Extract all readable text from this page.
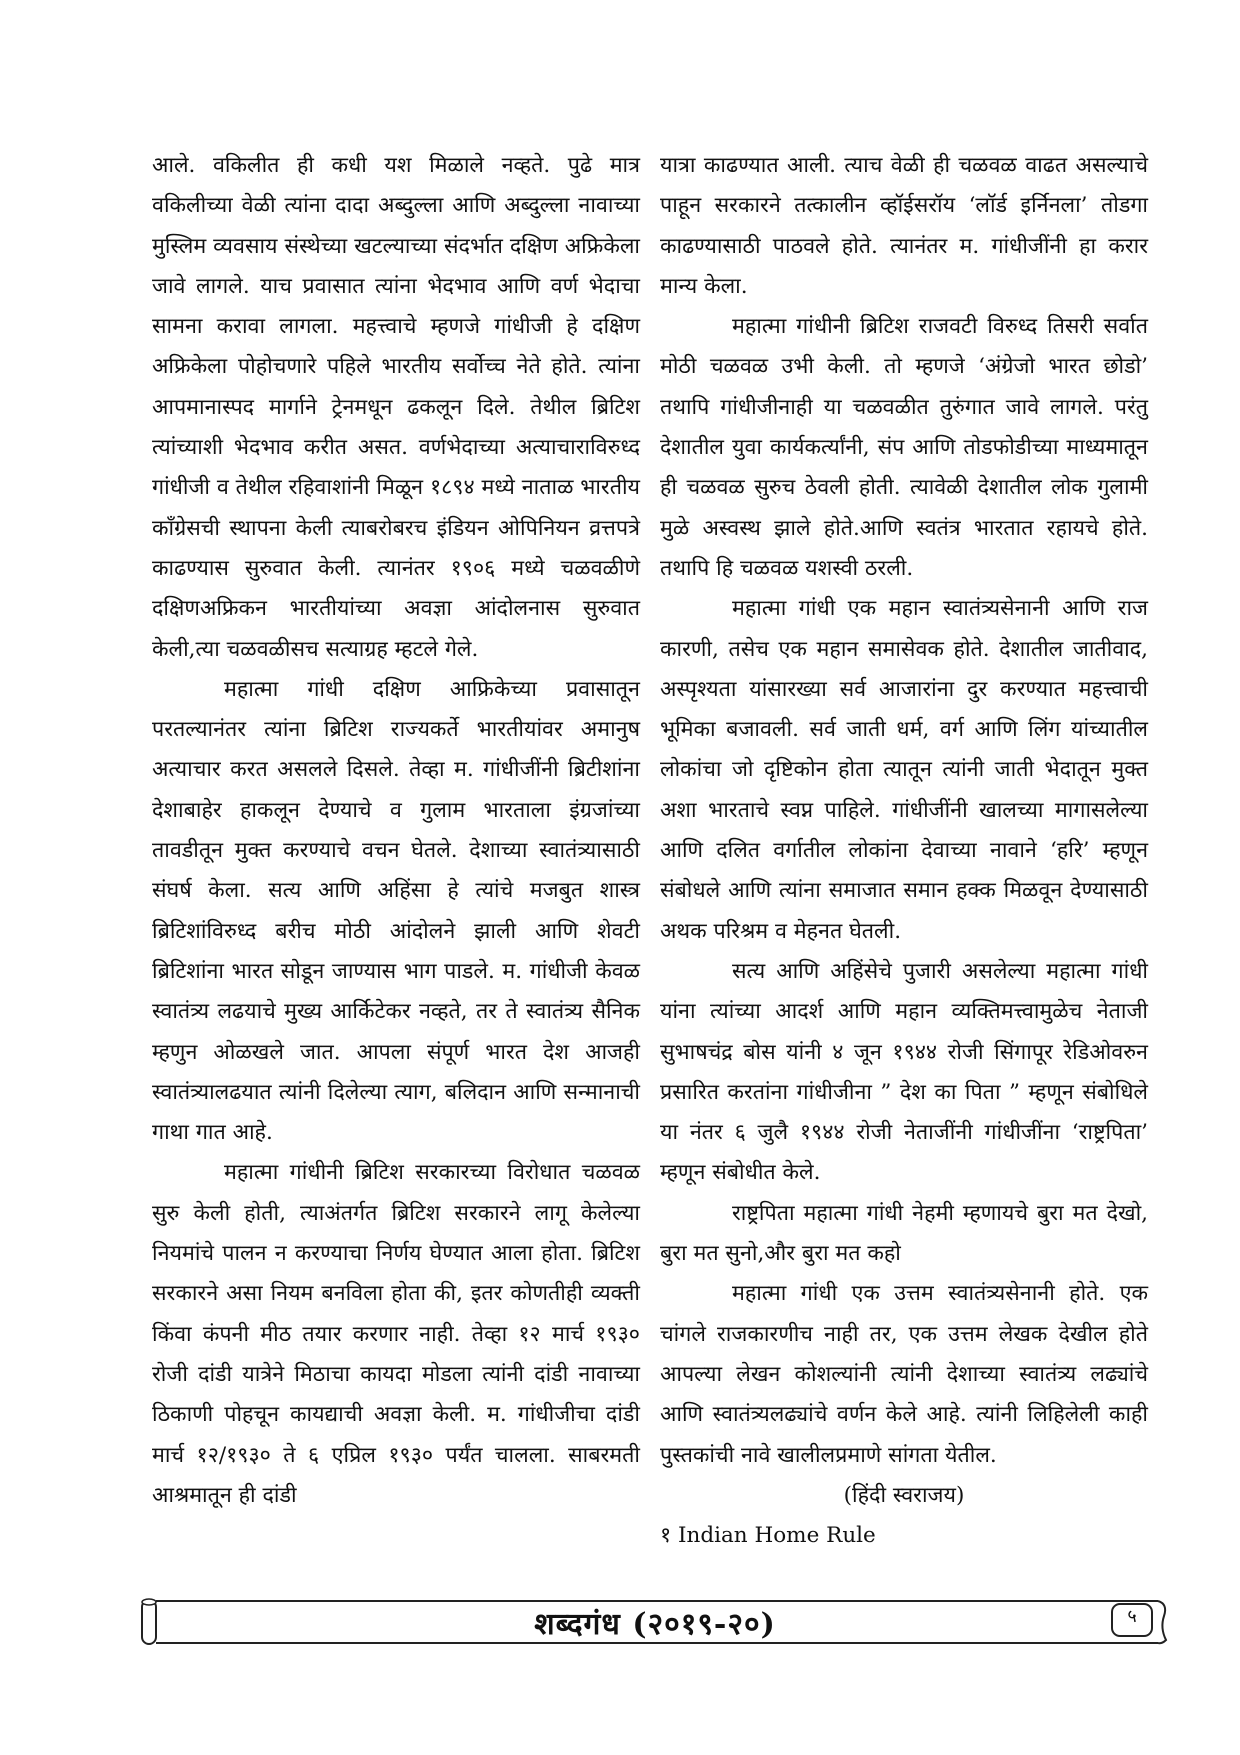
आले. वकिलीत ही कधी यश मिळाले नव्हते. पुढे मात्र वकिलीच्या वेळी त्यांना दादा अब्दुल्ला आणि अब्दुल्ला नावाच्या मुस्लिम व्यवसाय संस्थेच्या खटल्याच्या संदर्भात दक्षिण अफ्रिकेला जावे लागले. याच प्रवासात त्यांना भेदभाव आणि वर्ण भेदाचा सामना करावा लागला. महत्त्वाचे म्हणजे गांधीजी हे दक्षिण अफ्रिकेला पोहोचणारे पहिले भारतीय सर्वोच्च नेते होते. त्यांना आपमानास्पद मार्गाने ट्रेनमधून ढकलून दिले. तेथील ब्रिटिश त्यांच्याशी भेदभाव करीत असत. वर्णभेदाच्या अत्याचाराविरुध्द गांधीजी व तेथील रहिवाशांनी मिळून १८९४ मध्ये नाताळ भारतीय कॉंग्रेसची स्थापना केली त्याबरोबरच इंडियन ओपिनियन व्रत्तपत्रे काढण्यास सुरुवात केली. त्यानंतर १९०६ मध्ये चळवळीणे दक्षिणअफ्रिकन भारतीयांच्या अवज्ञा आंदोलनास सुरुवात केली,त्या चळवळीसच सत्याग्रह म्हटले गेले.

महात्मा गांधी दक्षिण आफ्रिकेच्या प्रवासातून परतल्यानंतर त्यांना ब्रिटिश राज्यकर्ते भारतीयांवर अमानुष अत्याचार करत असलले दिसले. तेव्हा म. गांधीजींनी ब्रिटीशांना देशाबाहेर हाकलून देण्याचे व गुलाम भारताला इंग्रजांच्या तावडीतून मुक्त करण्याचे वचन घेतले. देशाच्या स्वातंत्र्यासाठी संघर्ष केला. सत्य आणि अहिंसा हे त्यांचे मजबुत शास्त्र ब्रिटिशांविरुध्द बरीच मोठी आंदोलने झाली आणि शेवटी ब्रिटिशांना भारत सोडून जाण्यास भाग पाडले. म. गांधीजी केवळ स्वातंत्र्य लढयाचे मुख्य आर्किटेकर नव्हते, तर ते स्वातंत्र्य सैनिक म्हणुन ओळखले जात. आपला संपूर्ण भारत देश आजही स्वातंत्र्यालढयात त्यांनी दिलेल्या त्याग, बलिदान आणि सन्मानाची गाथा गात आहे.

महात्मा गांधीनी ब्रिटिश सरकारच्या विरोधात चळवळ सुरु केली होती, त्याअंतर्गत ब्रिटिश सरकारने लागू केलेल्या नियमांचे पालन न करण्याचा निर्णय घेण्यात आला होता. ब्रिटिश सरकारने असा नियम बनविला होता की, इतर कोणतीही व्यक्ती किंवा कंपनी मीठ तयार करणार नाही. तेव्हा १२ मार्च १९३० रोजी दांडी यात्रेने मिठाचा कायदा मोडला त्यांनी दांडी नावाच्या ठिकाणी पोहचून कायद्याची अवज्ञा केली. म. गांधीजीचा दांडी मार्च १२/१९३० ते ६ एप्रिल १९३० पर्यंत चालला. साबरमती आश्रमातून ही दांडी

यात्रा काढण्यात आली. त्याच वेळी ही चळवळ वाढत असल्याचे पाहून सरकारने तत्कालीन व्हॉईसरॉय ‘लॉर्ड इर्निनला’ तोडगा काढण्यासाठी पाठवले होते. त्यानंतर म. गांधीजींनी हा करार मान्य केला.

महात्मा गांधीनी ब्रिटिश राजवटी विरुध्द तिसरी सर्वात मोठी चळवळ उभी केली. तो म्हणजे ‘अंग्रेजो भारत छोडो’ तथापि गांधीजीनाही या चळवळीत तुरुंगात जावे लागले. परंतु देशातील युवा कार्यकर्त्यांनी, संप आणि तोडफोडीच्या माध्यमातून ही चळवळ सुरुच ठेवली होती. त्यावेळी देशातील लोक गुलामी मुळे अस्वस्थ झाले होते.आणि स्वतंत्र भारतात रहायचे होते. तथापि हि चळवळ यशस्वी ठरली.

महात्मा गांधी एक महान स्वातंत्र्यसेनानी आणि राज कारणी, तसेच एक महान समासेवक होते. देशातील जातीवाद, अस्पृश्यता यांसारख्या सर्व आजारांना दुर करण्यात महत्त्वाची भूमिका बजावली. सर्व जाती धर्म, वर्ग आणि लिंग यांच्यातील लोकांचा जो दृष्टिकोन होता त्यातून त्यांनी जाती भेदातून मुक्त अशा भारताचे स्वप्न पाहिले. गांधीजींनी खालच्या मागासलेल्या आणि दलित वर्गातील लोकांना देवाच्या नावाने ‘हरि’ म्हणून संबोधले आणि त्यांना समाजात समान हक्क मिळवून देण्यासाठी अथक परिश्रम व मेहनत घेतली.

सत्य आणि अहिंसेचे पुजारी असलेल्या महात्मा गांधी यांना त्यांच्या आदर्श आणि महान व्यक्तिमत्त्वामुळेच नेताजी सुभाषचंद्र बोस यांनी ४ जून १९४४ रोजी सिंगापूर रेडिओवरुन प्रसारित करतांना गांधीजीना ” देश का पिता ” म्हणून संबोधिले या नंतर ६ जुलै १९४४ रोजी नेताजींनी गांधीजींना ‘राष्ट्रपिता’ म्हणून संबोधीत केले.

राष्ट्रपिता महात्मा गांधी नेहमी म्हणायचे बुरा मत देखो, बुरा मत सुनो,और बुरा मत कहो

महात्मा गांधी एक उत्तम स्वातंत्र्यसेनानी होते. एक चांगले राजकारणीच नाही तर, एक उत्तम लेखक देखील होते आपल्या लेखन कोशल्यांनी त्यांनी देशाच्या स्वातंत्र्य लढ्यांचे आणि स्वातंत्र्यलढ्यांचे वर्णन केले आहे. त्यांनी लिहिलेली काही पुस्तकांची नावे खालीलप्रमाणे सांगता येतील.

(हिंदी स्वराजय)

१ Indian Home Rule

शब्दगंध (२०१९-२०)	५
